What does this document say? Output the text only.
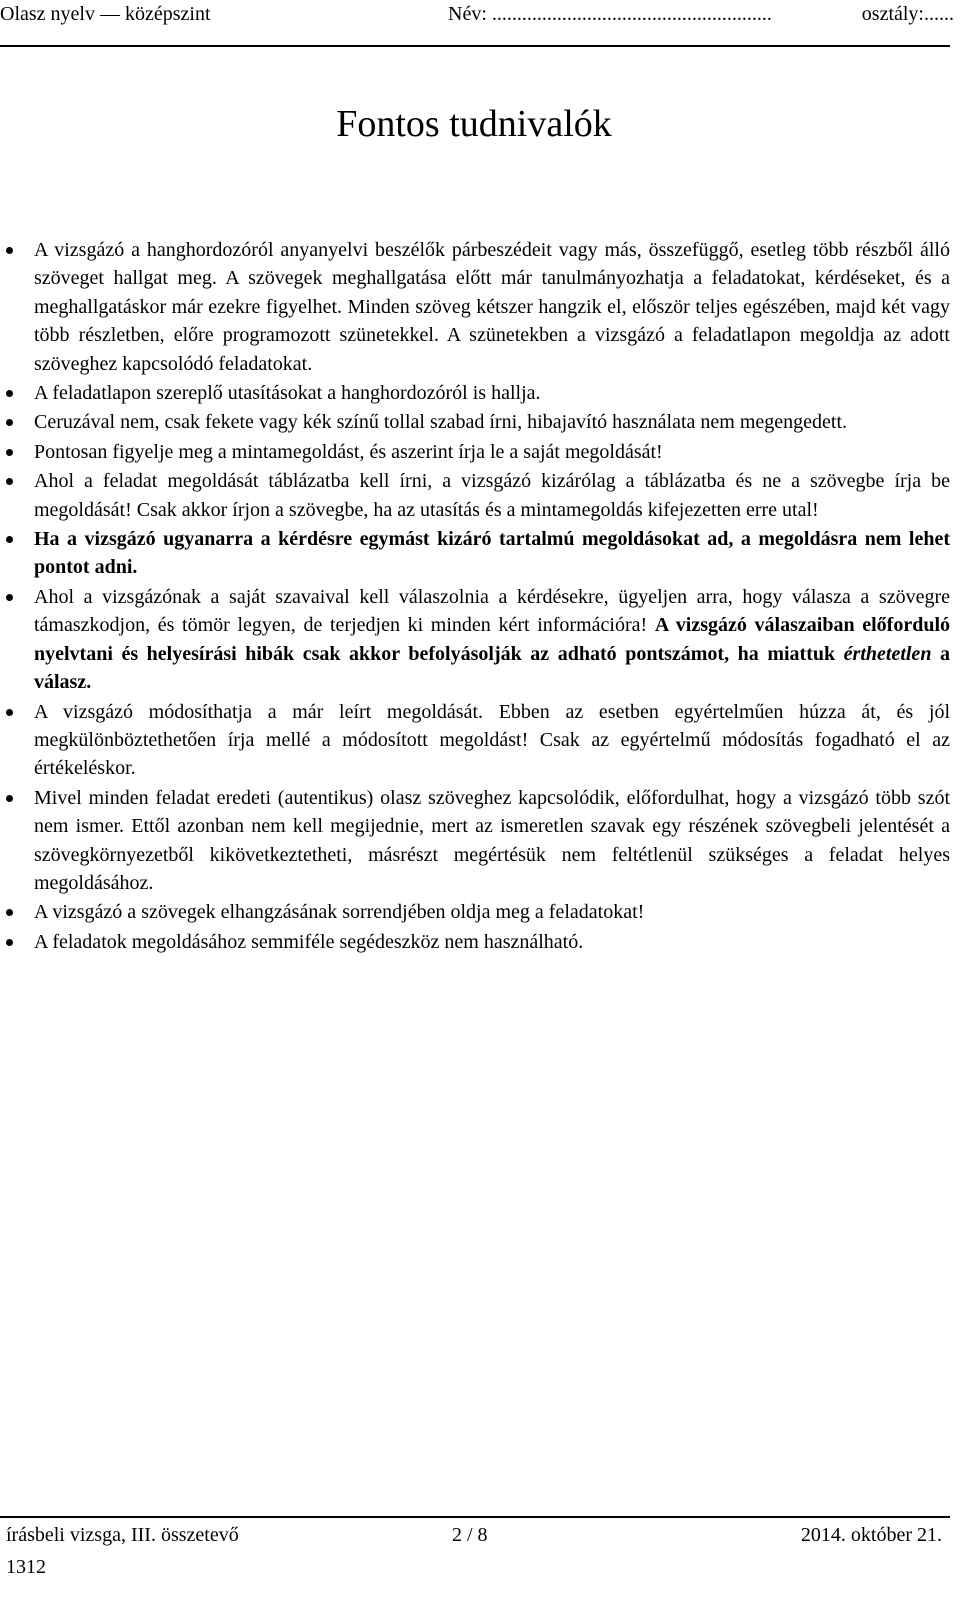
Olasz nyelv — középszint	Név: ........................................................	osztály:......
Fontos tudnivalók
A vizsgázó a hanghordozóról anyanyelvi beszélők párbeszédeit vagy más, összefüggő, esetleg több részből álló szöveget hallgat meg. A szövegek meghallgatása előtt már tanulmányozhatja a feladatokat, kérdéseket, és a meghallgatáskor már ezekre figyelhet. Minden szöveg kétszer hangzik el, először teljes egészében, majd két vagy több részletben, előre programozott szünetekkel. A szünetekben a vizsgázó a feladatlapon megoldja az adott szöveghez kapcsolódó feladatokat.
A feladatlapon szereplő utasításokat a hanghordozóról is hallja.
Ceruzával nem, csak fekete vagy kék színű tollal szabad írni, hibajavító használata nem megengedett.
Pontosan figyelje meg a mintamegoldást, és aszerint írja le a saját megoldását!
Ahol a feladat megoldását táblázatba kell írni, a vizsgázó kizárólag a táblázatba és ne a szövegbe írja be megoldását! Csak akkor írjon a szövegbe, ha az utasítás és a mintamegoldás kifejezetten erre utal!
Ha a vizsgázó ugyanarra a kérdésre egymást kizáró tartalmú megoldásokat ad, a megoldásra nem lehet pontot adni.
Ahol a vizsgázónak a saját szavaival kell válaszolnia a kérdésekre, ügyeljen arra, hogy válasza a szövegre támaszkodjon, és tömör legyen, de terjedjen ki minden kért információra! A vizsgázó válaszaiban előforduló nyelvtani és helyesírási hibák csak akkor befolyásolják az adható pontszámot, ha miattuk érthetetlen a válasz.
A vizsgázó módosíthatja a már leírt megoldását. Ebben az esetben egyértelműen húzza át, és jól megkülönböztethetően írja mellé a módosított megoldást! Csak az egyértelmű módosítás fogadható el az értékeléskor.
Mivel minden feladat eredeti (autentikus) olasz szöveghez kapcsolódik, előfordulhat, hogy a vizsgázó több szót nem ismer. Ettől azonban nem kell megijednie, mert az ismeretlen szavak egy részének szövegbeli jelentését a szövegkörnyezetből kikövetkeztetheti, másrészt megértésük nem feltétlenül szükséges a feladat helyes megoldásához.
A vizsgázó a szövegek elhangzásának sorrendjében oldja meg a feladatokat!
A feladatok megoldásához semmiféle segédeszköz nem használható.
írásbeli vizsga, III. összetevő	2 / 8	2014. október 21.
1312
